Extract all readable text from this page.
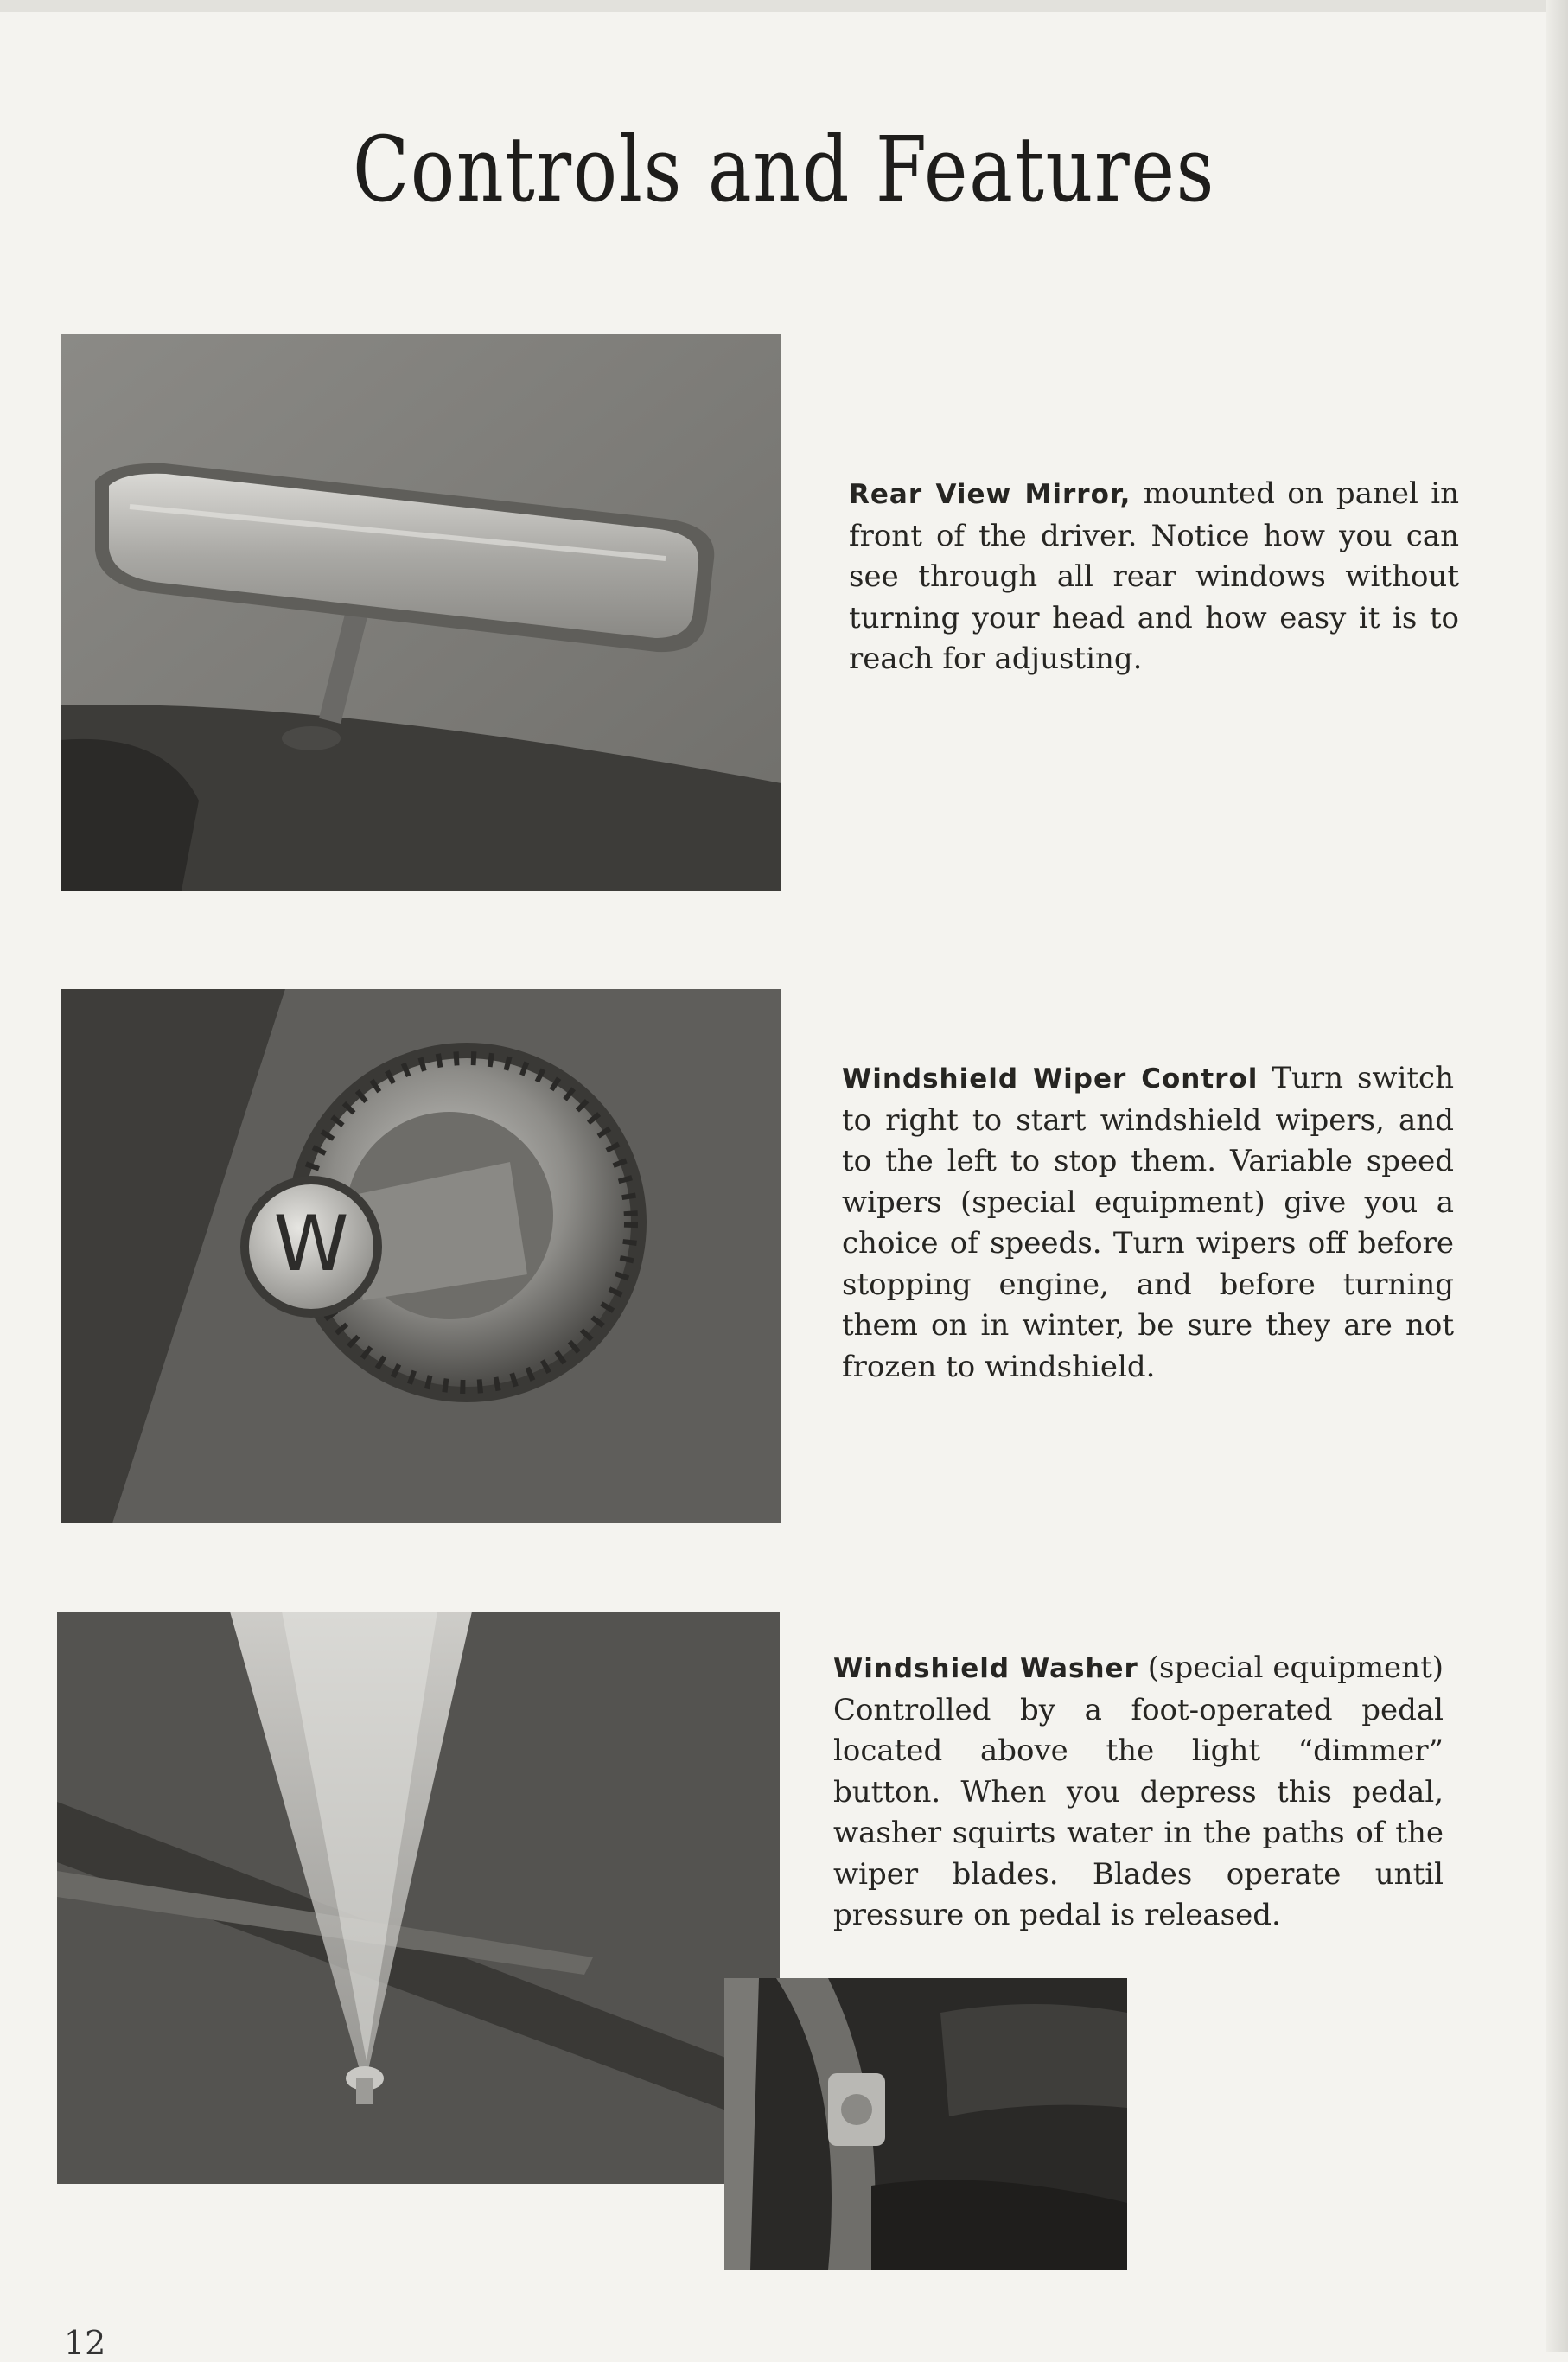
Controls and Features
Rear View Mirror, mounted on panel in front of the driver. Notice how you can see through all rear windows without turning your head and how easy it is to reach for adjusting.
W
Windshield Wiper Control Turn switch to right to start windshield wipers, and to the left to stop them. Variable speed wipers (special equipment) give you a choice of speeds. Turn wipers off before stopping engine, and before turning them on in winter, be sure they are not frozen to windshield.
Windshield Washer (special equipment) Controlled by a foot-operated pedal located above the light “dimmer” button. When you depress this pedal, washer squirts water in the paths of the wiper blades. Blades operate until pressure on pedal is released.
12
